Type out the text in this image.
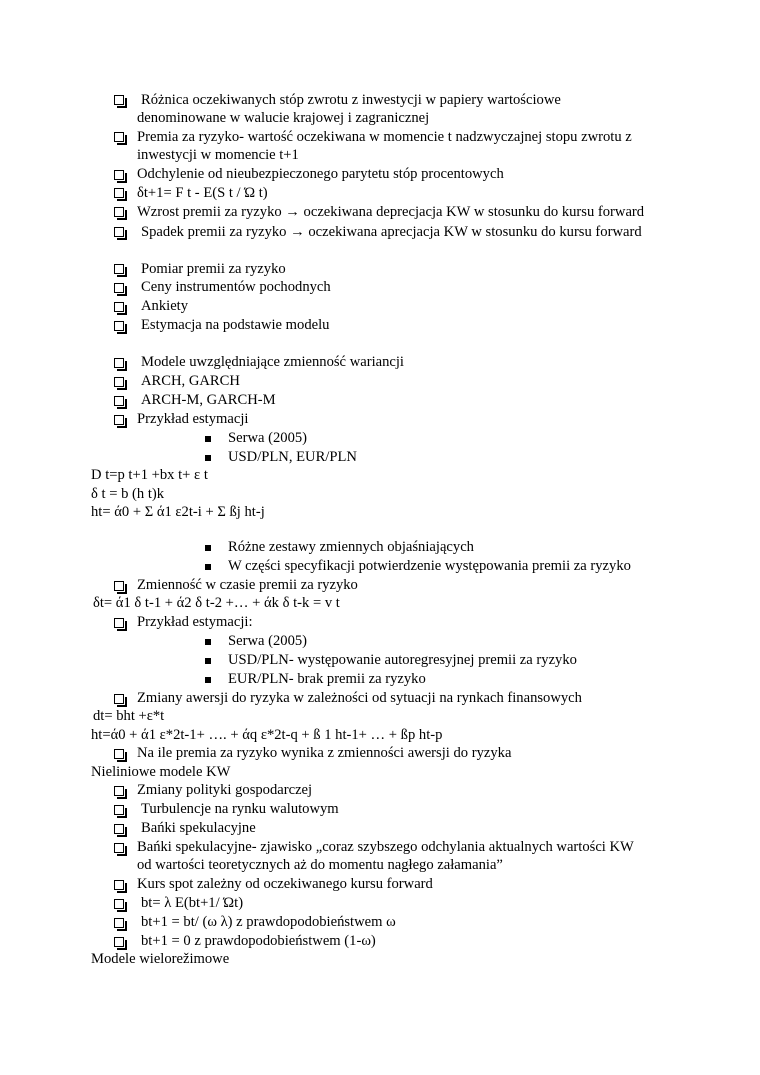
Różnica oczekiwanych stóp zwrotu z inwestycji w papiery wartościowe
denominowane w walucie krajowej i zagranicznej
Premia za ryzyko- wartość oczekiwana w momencie t nadzwyczajnej stopu zwrotu z
inwestycji w momencie t+1
Odchylenie od nieubezpieczonego parytetu stóp procentowych
δt+1= F t - E(S t / Ώ t)
Wzrost premii za ryzyko → oczekiwana deprecjacja KW w stosunku do kursu forward
Spadek premii za ryzyko → oczekiwana aprecjacja KW w stosunku do kursu forward
Pomiar premii za ryzyko
Ceny instrumentów pochodnych
Ankiety
Estymacja na podstawie modelu
Modele uwzględniające zmienność wariancji
ARCH, GARCH
ARCH-M, GARCH-M
Przykład estymacji
Serwa (2005)
USD/PLN, EUR/PLN
D t=p t+1 +bx t+ ε t
δ t = b (h t)k
ht= ά0 + Σ ά1 ε2t-i + Σ ßj ht-j
Różne zestawy zmiennych objaśniających
W części specyfikacji potwierdzenie występowania premii za ryzyko
Zmienność w czasie premii za ryzyko
δt= ά1 δ t-1 + ά2 δ t-2 +… + άk δ t-k = v t
Przykład estymacji:
Serwa (2005)
USD/PLN- występowanie autoregresyjnej premii za ryzyko
EUR/PLN- brak premii za ryzyko
Zmiany awersji do ryzyka w zależności od sytuacji na rynkach finansowych
dt= bht +ε*t
ht=ά0 + ά1 ε*2t-1+ …. + άq ε*2t-q + ß 1 ht-1+ … + ßp ht-p
Na ile premia za ryzyko wynika z zmienności awersji do ryzyka
Nieliniowe modele KW
Zmiany polityki gospodarczej
Turbulencje na rynku walutowym
Bańki spekulacyjne
Bańki spekulacyjne- zjawisko „coraz szybszego odchylania aktualnych wartości KW
od wartości teoretycznych aż do momentu nagłego załamania”
Kurs spot zależny od oczekiwanego kursu forward
bt= λ E(bt+1/ Ώt)
bt+1 = bt/ (ω λ) z prawdopodobieństwem ω
bt+1 = 0 z prawdopodobieństwem (1-ω)
Modele wielorežimowe
